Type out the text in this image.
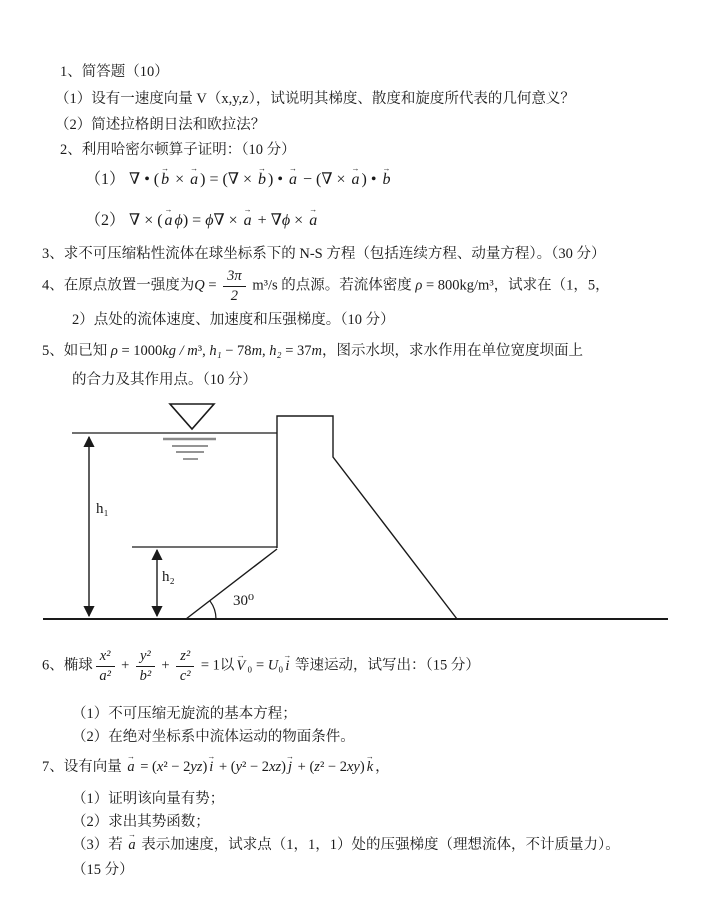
1、简答题（10）
（1）设有一速度向量 V（x,y,z），试说明其梯度、散度和旋度所代表的几何意义？
（2）简述拉格朗日法和欧拉法？
2、利用哈密尔顿算子证明：（10 分）
（1） ∇ • (
→
b ×
→
a ) = (∇ ×
→
b ) •
→
a − (∇ ×
→
a ) •
→
b
（2） ∇ × (
→
a ϕ) = ϕ∇ ×
→
a + ∇ϕ ×
→
a
3、求不可压缩粘性流体在球坐标系下的 N-S 方程（包括连续方程、动量方程）。（30 分）
4、在原点放置一强度为$Q = \frac{3\pi}{2} m^3/s$ 的点源。若流体密度 ρ = 800kg/m³，试求在（1，5，
2）点处的流体速度、加速度和压强梯度。（10 分）
5、如已知 ρ = 1000kg / m³, h₁ − 78m, h₂ = 37m，图示水坝，求水作用在单位宽度坝面上
的合力及其作用点。（10 分）
6、椭球 $\frac{\text{x²}}{\text{a²}} + \frac{\text{y²}}{\text{b²}} + \frac{\text{z²}}{\text{c²}} = 1$以
→
V ₀ = U₀
→
i 等速运动，试写出：（15 分）
（1）不可压缩无旋流的基本方程；
（2）在绝对坐标系中流体运动的物面条件。
7、设有向量
→
a = (x² − 2yz)
→
i + (y² − 2xz)
→
j + (z² − 2xy)
→
k ，
（1）证明该向量有势；
（2）求出其势函数；
（3）若
→
a 表示加速度，试求点（1，1，1）处的压强梯度（理想流体，不计质量力）。
（15 分）
h₁
h₂
30⁰
